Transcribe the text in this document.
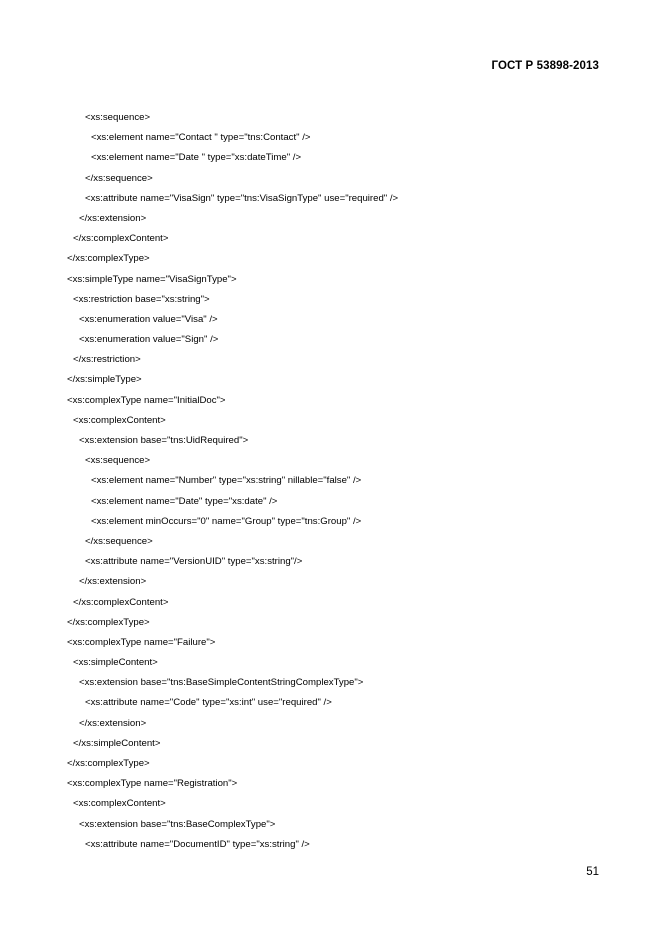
ГОСТ Р 53898-2013
<xs:sequence>
<xs:element name="Contact " type="tns:Contact" />
<xs:element name="Date " type="xs:dateTime" />
</xs:sequence>
<xs:attribute name="VisaSign" type="tns:VisaSignType" use="required" />
</xs:extension>
</xs:complexContent>
</xs:complexType>
<xs:simpleType name="VisaSignType">
<xs:restriction base="xs:string">
<xs:enumeration value="Visa" />
<xs:enumeration value="Sign" />
</xs:restriction>
</xs:simpleType>
<xs:complexType name="InitialDoc">
<xs:complexContent>
<xs:extension base="tns:UidRequired">
<xs:sequence>
<xs:element name="Number" type="xs:string" nillable="false" />
<xs:element name="Date" type="xs:date" />
<xs:element minOccurs="0" name="Group" type="tns:Group" />
</xs:sequence>
<xs:attribute name="VersionUID" type="xs:string"/>
</xs:extension>
</xs:complexContent>
</xs:complexType>
<xs:complexType name="Failure">
<xs:simpleContent>
<xs:extension base="tns:BaseSimpleContentStringComplexType">
<xs:attribute name="Code" type="xs:int" use="required" />
</xs:extension>
</xs:simpleContent>
</xs:complexType>
<xs:complexType name="Registration">
<xs:complexContent>
<xs:extension base="tns:BaseComplexType">
<xs:attribute name="DocumentID" type="xs:string" />
51
